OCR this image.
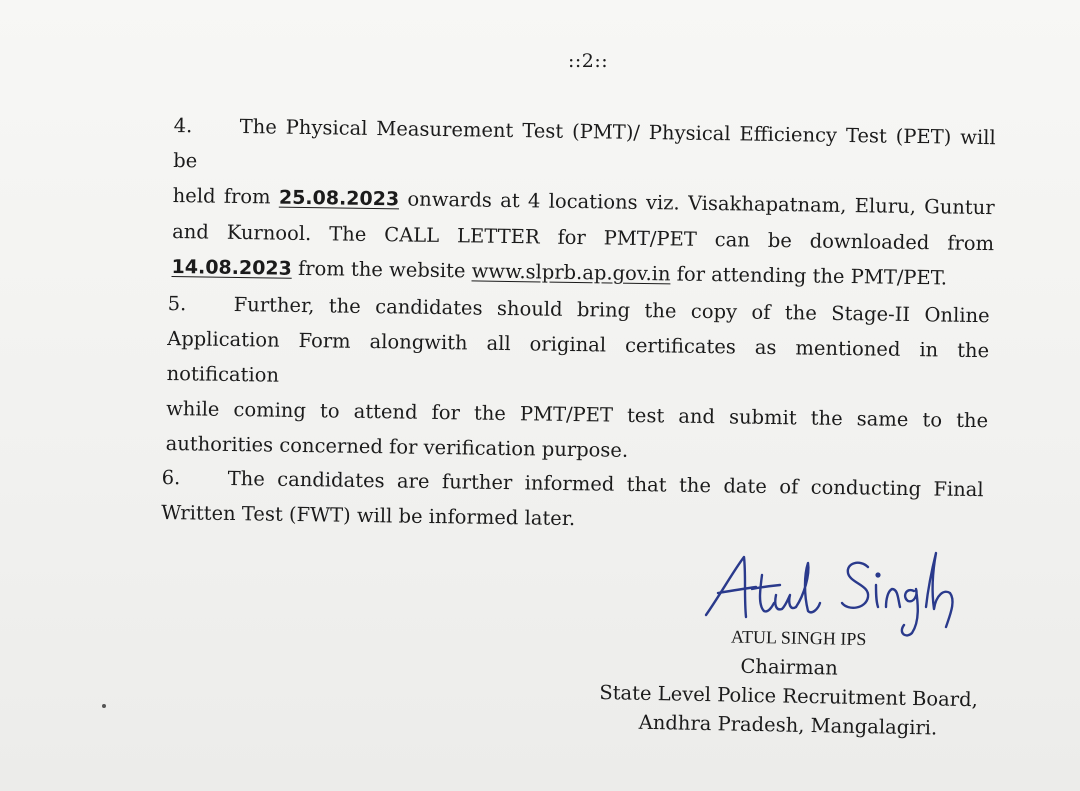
::2::
4. The Physical Measurement Test (PMT)/ Physical Efficiency Test (PET) will be
held from 25.08.2023 onwards at 4 locations viz. Visakhapatnam, Eluru, Guntur
and Kurnool. The CALL LETTER for PMT/PET can be downloaded from

14.08.2023 from the website www.slprb.ap.gov.in for attending the PMT/PET.
5. Further, the candidates should bring the copy of the Stage-II Online
Application Form alongwith all original certificates as mentioned in the notification
while coming to attend for the PMT/PET test and submit the same to the

authorities concerned for verification purpose.
6. The candidates are further informed that the date of conducting Final

Written Test (FWT) will be informed later.
ATUL SINGH IPS
Chairman
State Level Police Recruitment Board,
Andhra Pradesh, Mangalagiri.
